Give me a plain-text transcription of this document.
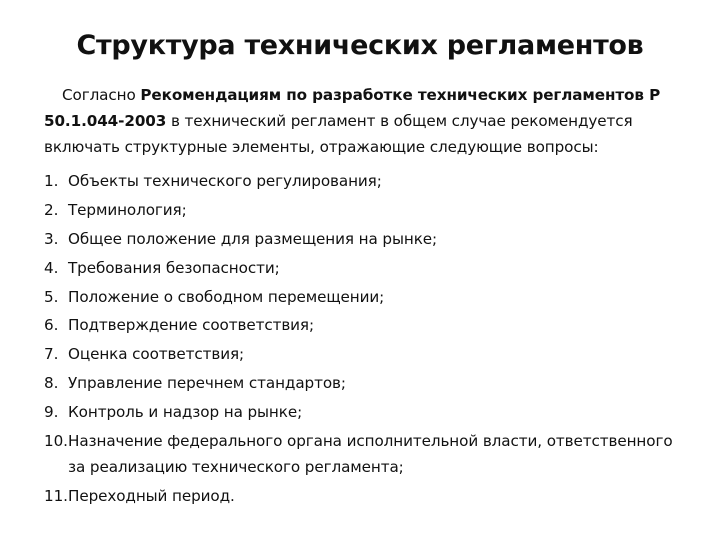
Структура технических регламентов
Согласно Рекомендациям по разработке технических регламентов Р 50.1.044-2003 в технический регламент в общем случае рекомендуется включать структурные элементы, отражающие следующие вопросы:
1. Объекты технического регулирования;
2. Терминология;
3. Общее положение для размещения на рынке;
4. Требования безопасности;
5. Положение о свободном перемещении;
6. Подтверждение соответствия;
7. Оценка соответствия;
8. Управление перечнем стандартов;
9. Контроль и надзор на рынке;
10. Назначение федерального органа исполнительной власти, ответственного за реализацию технического регламента;
11. Переходный период.
